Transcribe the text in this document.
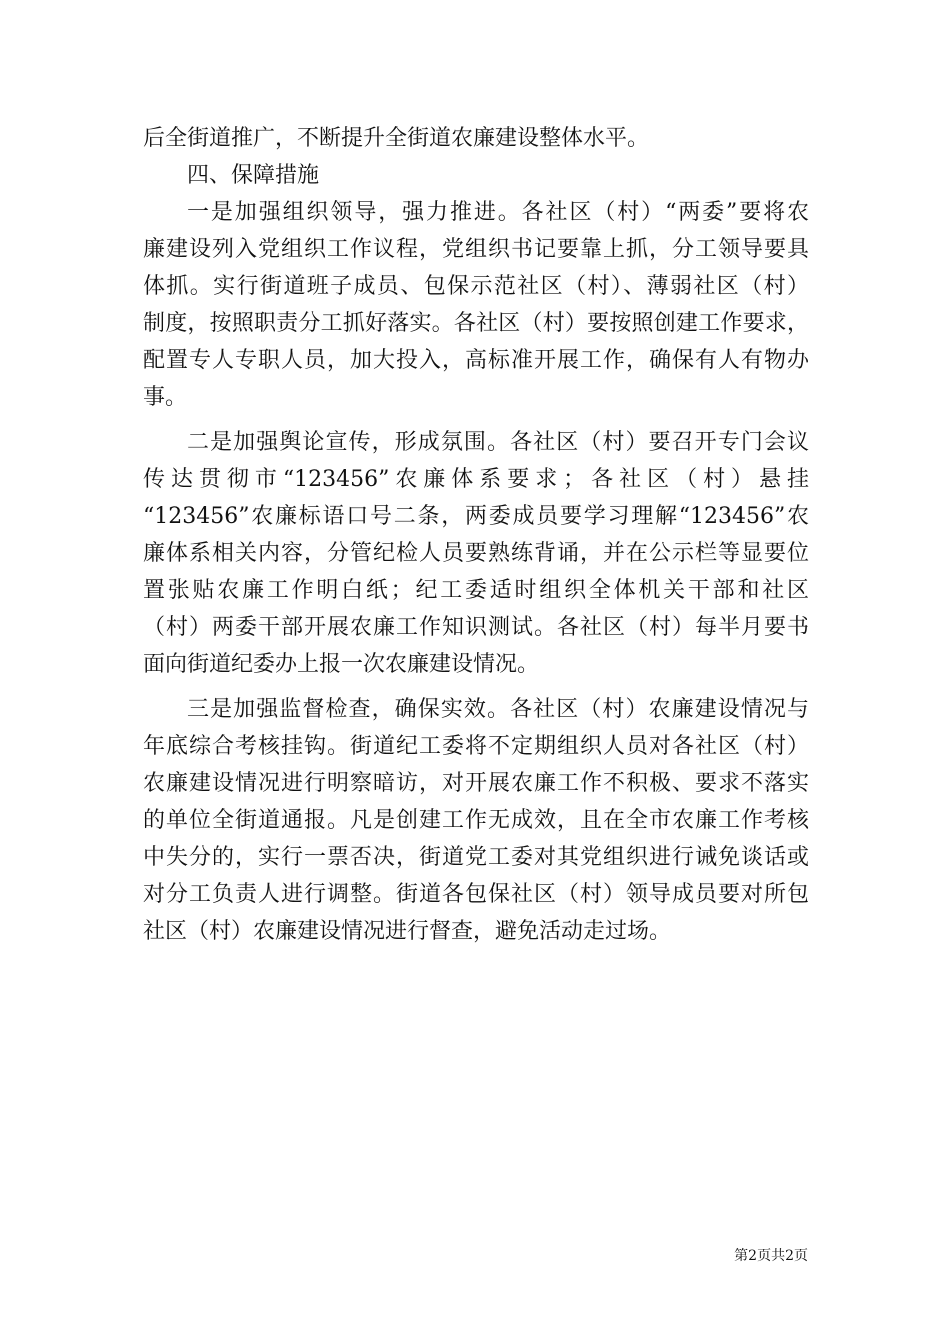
后全街道推广，不断提升全街道农廉建设整体水平。
四、保障措施
一是加强组织领导，强力推进。各社区（村）“两委”要将农
廉建设列入党组织工作议程，党组织书记要靠上抓，分工领导要具
体抓。实行街道班子成员、包保示范社区（村）、薄弱社区（村）
制度，按照职责分工抓好落实。各社区（村）要按照创建工作要求，
配置专人专职人员，加大投入，高标准开展工作，确保有人有物办
事。
二是加强舆论宣传，形成氛围。各社区（村）要召开专门会议
传达贯彻市“123456”农廉体系要求；各社区（村）悬挂
“123456”农廉标语口号二条，两委成员要学习理解“123456”农
廉体系相关内容，分管纪检人员要熟练背诵，并在公示栏等显要位
置张贴农廉工作明白纸；纪工委适时组织全体机关干部和社区
（村）两委干部开展农廉工作知识测试。各社区（村）每半月要书
面向街道纪委办上报一次农廉建设情况。
三是加强监督检查，确保实效。各社区（村）农廉建设情况与
年底综合考核挂钩。街道纪工委将不定期组织人员对各社区（村）
农廉建设情况进行明察暗访，对开展农廉工作不积极、要求不落实
的单位全街道通报。凡是创建工作无成效，且在全市农廉工作考核
中失分的，实行一票否决，街道党工委对其党组织进行诫免谈话或
对分工负责人进行调整。街道各包保社区（村）领导成员要对所包
社区（村）农廉建设情况进行督查，避免活动走过场。
第2页共2页
